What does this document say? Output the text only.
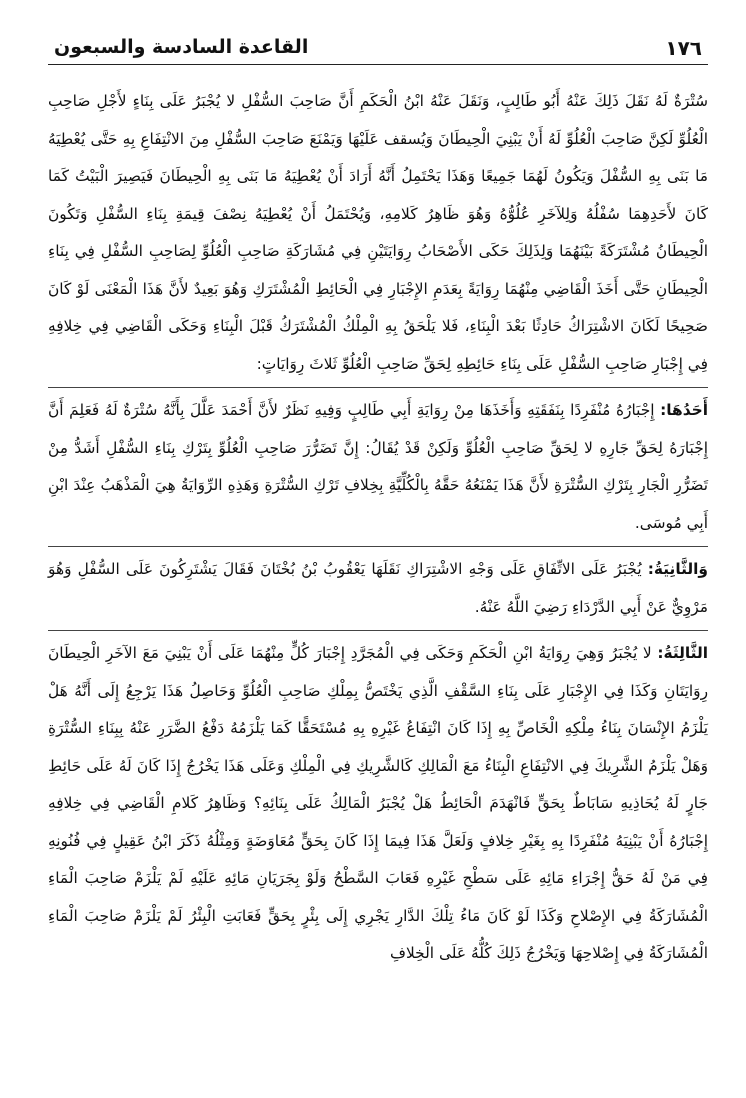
١٧٦
القاعدة السادسة والسبعون

سُتْرَةٌ لَهُ نَقَلَ ذَلِكَ عَنْهُ أَبُو طَالِبٍ، وَنَقَلَ عَنْهُ ابْنُ الْحَكَمِ أَنَّ صَاحِبَ السُّفْلِ لا يُجْبَرُ عَلَى بِنَاءٍ لأَجْلِ صَاحِبِ الْعُلُوِّ لَكِنَّ صَاحِبَ الْعُلُوِّ لَهُ أَنْ يَبْنِيَ الْحِيطَانَ وَيُسقف عَلَيْهَا وَيَمْنَعَ صَاحِبَ السُّفْلِ مِنَ الانْتِفَاعِ بِهِ حَتَّى يُعْطِيَهُ مَا بَنَى بِهِ السُّفْلَ وَيَكُونُ لَهُمَا جَمِيعًا وَهَذَا يَحْتَمِلُ أَنَّهُ أَرَادَ أَنْ يُعْطِيَهُ مَا بَنَى بِهِ الْحِيطَانَ فَيَصِيرَ الْبَيْتُ كَمَا كَانَ لأَحَدِهِمَا سُفْلُهُ وَلِلآخَرِ عُلُوُّهُ وَهُوَ ظَاهِرُ كَلامِهِ، وَيُحْتَمَلُ أَنْ يُعْطِيَهُ نِصْفَ قِيمَةِ بِنَاءِ السُّفْلِ وَتَكُونَ الْحِيطَانُ مُشْتَرَكَةً بَيْنَهُمَا وَلِذَلِكَ حَكَى الأَصْحَابُ رِوَايَتَيْنِ فِي مُشَارَكَةِ صَاحِبِ الْعُلُوِّ لِصَاحِبِ السُّفْلِ فِي بِنَاءِ الْحِيطَانِ حَتَّى أَخَذَ الْقَاضِي مِنْهُمَا رِوَايَةً بِعَدَمِ الإِجْبَارِ فِي الْحَائِطِ الْمُشْتَرَكِ وَهُوَ بَعِيدٌ لأَنَّ هَذَا الْمَعْنَى لَوْ كَانَ صَحِيحًا لَكَانَ الاشْتِرَاكُ حَادِثًا بَعْدَ الْبِنَاءِ، فَلا يَلْحَقُ بِهِ الْمِلْكُ الْمُشْتَرَكُ قَبْلَ الْبِنَاءِ وَحَكَى الْقَاضِي فِي خِلافِهِ فِي إِجْبَارِ صَاحِبِ السُّفْلِ عَلَى بِنَاءِ حَائِطِهِ لِحَقِّ صَاحِبِ الْعُلُوِّ ثَلاثَ رِوَايَاتٍ:

أَحَدُهَا: إِجْبَارُهُ مُنْفَرِدًا بِنَفَقَتِهِ وَأَخَذَهَا مِنْ رِوَايَةِ أَبِي طَالِبٍ وَفِيهِ نَظَرٌ لأَنَّ أَحْمَدَ عَلَّلَ بِأَنَّهُ سُتْرَةٌ لَهُ فَعَلِمَ أَنَّ إِجْبَارَهُ لِحَقِّ جَارِهِ لا لِحَقِّ صَاحِبِ الْعُلُوِّ وَلَكِنْ قَدْ يُقَالُ: إِنَّ تَضَرُّرَ صَاحِبِ الْعُلُوِّ بِتَرْكِ بِنَاءِ السُّفْلِ أَشَدُّ مِنْ تَضَرُّرِ الْجَارِ بِتَرْكِ السُّتْرَةِ لأَنَّ هَذَا يَمْنَعُهُ حَقَّهُ بِالْكُلِّيَّةِ بِخِلافِ تَرْكِ السُّتْرَةِ وَهَذِهِ الرِّوَايَةُ هِيَ الْمَذْهَبُ عِنْدَ ابْنِ أَبِي مُوسَى.

وَالثَّانِيَةُ: يُجْبَرُ عَلَى الاتِّفَاقِ عَلَى وَجْهِ الاشْتِرَاكِ نَقَلَهَا يَعْقُوبُ بْنُ بُخْتَانَ فَقَالَ يَشْتَرِكُونَ عَلَى السُّفْلِ وَهُوَ مَرْوِيٌّ عَنْ أَبِي الدَّرْدَاءِ رَضِيَ اللَّهُ عَنْهُ.

الثَّالِثَةُ: لا يُجْبَرُ وَهِيَ رِوَايَةُ ابْنِ الْحَكَمِ وَحَكَى فِي الْمُجَرَّدِ إِجْبَارَ كُلٍّ مِنْهُمَا عَلَى أَنْ يَبْنِيَ مَعَ الآخَرِ الْحِيطَانَ رِوَايَتَانِ وَكَذَا فِي الإِجْبَارِ عَلَى بِنَاءِ السَّقْفِ الَّذِي يَخْتَصُّ بِمِلْكِ صَاحِبِ الْعُلُوِّ وَحَاصِلُ هَذَا يَرْجِعُ إِلَى أَنَّهُ هَلْ يَلْزَمُ الإِنْسَانَ بِنَاءُ مِلْكِهِ الْخَاصِّ بِهِ إِذَا كَانَ انْتِفَاعُ غَيْرِهِ بِهِ مُسْتَحَقًّا كَمَا يَلْزَمُهُ دَفْعُ الضَّرَرِ عَنْهُ بِبِنَاءِ السُّتْرَةِ وَهَلْ يَلْزَمُ الشَّرِيكَ فِي الانْتِفَاعِ الْبِنَاءُ مَعَ الْمَالِكِ كَالشَّرِيكِ فِي الْمِلْكِ وَعَلَى هَذَا يَخْرُجُ إِذَا كَانَ لَهُ عَلَى حَائِطِ جَارٍ لَهُ يُحَاذِيهِ سَابَاطٌ بِحَقٍّ فَانْهَدَمَ الْحَائِطُ هَلْ يُجْبَرُ الْمَالِكُ عَلَى بِنَائِهِ؟ وَظَاهِرُ كَلامِ الْقَاضِي فِي خِلافِهِ إِجْبَارُهُ أَنْ يَبْنِيَهُ مُنْفَرِدًا بِهِ بِغَيْرِ خِلافٍ وَلَعَلَّ هَذَا فِيمَا إِذَا كَانَ بِحَقٍّ مُعَاوَضَةٍ وَمِثْلُهُ ذَكَرَ ابْنُ عَقِيلٍ فِي فُنُونِهِ فِي مَنْ لَهُ حَقُّ إِجْرَاءِ مَائِهِ عَلَى سَطْحِ غَيْرِهِ فَعَابَ السَّطْحُ وَلَوْ بِجَرَيَانِ مَائِهِ عَلَيْهِ لَمْ يَلْزَمْ صَاحِبَ الْمَاءِ الْمُشَارَكَةُ فِي الإِصْلاحِ وَكَذَا لَوْ كَانَ مَاءُ تِلْكَ الدَّارِ يَجْرِي إِلَى بِئْرٍ بِحَقٍّ فَعَابَتِ الْبِئْرُ لَمْ يَلْزَمْ صَاحِبَ الْمَاءِ الْمُشَارَكَةُ فِي إِصْلاحِهَا وَيَخْرُجُ ذَلِكَ كُلُّهُ عَلَى الْخِلافِ
